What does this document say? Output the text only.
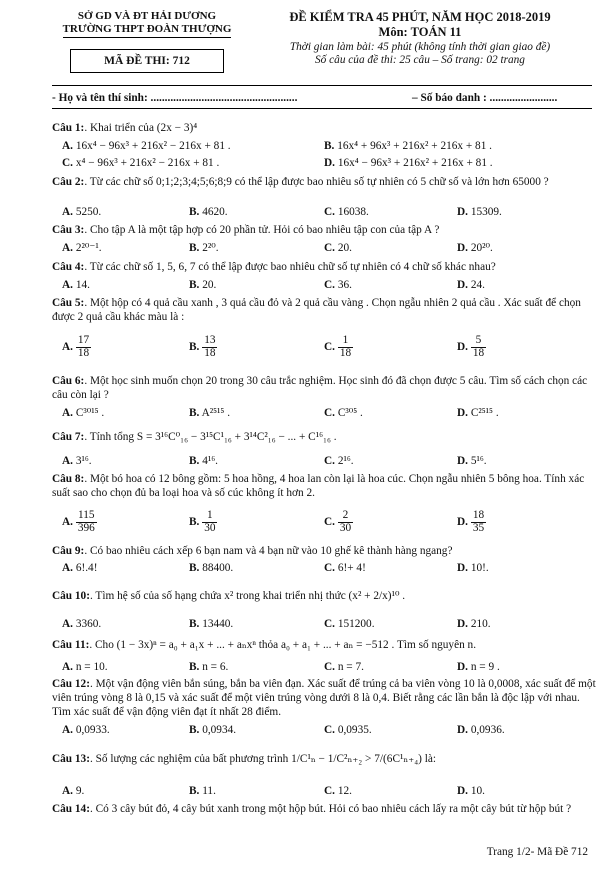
SỞ GD VÀ ĐT HẢI DƯƠNG
TRƯỜNG THPT ĐOÀN THƯỢNG
MÃ ĐỀ THI: 712
ĐỀ KIỂM TRA 45 PHÚT, NĂM HỌC 2018-2019
Môn: TOÁN 11
Thời gian làm bài: 45 phút (không tính thời gian giao đề)
Số câu của đề thi: 25 câu – Số trang: 02 trang
- Họ và tên thí sinh: ....................................................	– Số báo danh : ........................
Câu 1:. Khai triển của (2x − 3)⁴
A. 16x⁴ − 96x³ + 216x² − 216x + 81 .	B. 16x⁴ + 96x³ + 216x² + 216x + 81 .
C. x⁴ − 96x³ + 216x² − 216x + 81 .	D. 16x⁴ − 96x³ + 216x² + 216x + 81 .
Câu 2:. Từ các chữ số 0;1;2;3;4;5;6;8;9 có thể lập được bao nhiêu số tự nhiên có 5 chữ số và lớn hơn 65000 ?
A. 5250.	B. 4620.	C. 16038.	D. 15309.
Câu 3:. Cho tập A là một tập hợp có 20 phần tử. Hỏi có bao nhiêu tập con của tập A ?
A. 2²⁰⁻¹.	B. 2²⁰.	C. 20.	D. 20²⁰.
Câu 4:. Từ các chữ số 1, 5, 6, 7 có thể lập được bao nhiêu chữ số tự nhiên có 4 chữ số khác nhau?
A. 14.	B. 20.	C. 36.	D. 24.
Câu 5:. Một hộp có 4 quả cầu xanh , 3 quả cầu đỏ và 2 quả cầu vàng . Chọn ngẫu nhiên 2 quả cầu . Xác suất để chọn được 2 quả cầu khác màu là :
A. $\frac{17}{18}$	B. $\frac{13}{18}$	C. $\frac{1}{18}$	D. $\frac{5}{18}$
Câu 6:. Một học sinh muốn chọn 20 trong 30 câu trắc nghiệm. Học sinh đó đã chọn được 5 câu. Tìm số cách chọn các câu còn lại ?
A. C³⁰¹⁵ .	B. A²⁵¹⁵ .	C. C³⁰⁵ .	D. C²⁵¹⁵ .
Câu 7:. Tính tổng S = 3¹⁶C⁰₁₆ − 3¹⁵C¹₁₆ + 3¹⁴C²₁₆ − ... + C¹⁶₁₆ .
A. 3¹⁶.	B. 4¹⁶.	C. 2¹⁶.	D. 5¹⁶.
Câu 8:. Một bó hoa có 12 bông gồm: 5 hoa hồng, 4 hoa lan còn lại là hoa cúc. Chọn ngẫu nhiên 5 bông hoa. Tính xác suất sao cho chọn đủ ba loại hoa và số cúc không ít hơn 2.
A. $\frac{115}{396}$	B. $\frac{1}{30}$	C. $\frac{2}{30}$	D. $\frac{18}{35}$
Câu 9:. Có bao nhiêu cách xếp 6 bạn nam và 4 bạn nữ vào 10 ghế kê thành hàng ngang?
A. 6!.4!	B. 88400.	C. 6!+ 4!	D. 10!.
Câu 10:. Tìm hệ số của số hạng chứa x² trong khai triển nhị thức (x² + 2/x)¹⁰ .
A. 3360.	B. 13440.	C. 151200.	D. 210.
Câu 11:. Cho (1 − 3x)ⁿ = a₀ + a₁x + ... + aₙxⁿ thỏa a₀ + a₁ + ... + aₙ = −512 . Tìm số nguyên n.
A. n = 10.	B. n = 6.	C. n = 7.	D. n = 9 .
Câu 12:. Một vận động viên bắn súng, bắn ba viên đạn. Xác suất để trúng cả ba viên vòng 10 là 0,0008, xác suất để một viên trúng vòng 8 là 0,15 và xác suất để một viên trúng vòng dưới 8 là 0,4. Biết rằng các lần bắn là độc lập với nhau. Tìm xác suất để vận động viên đạt ít nhất 28 điểm.
A. 0,0933.	B. 0,0934.	C. 0,0935.	D. 0,0936.
Câu 13:. Số lượng các nghiệm của bất phương trình 1/C¹ₙ − 1/C²ₙ₊₂ > 7/(6C¹ₙ₊₄) là:
A. 9.	B. 11.	C. 12.	D. 10.
Câu 14:. Có 3 cây bút đỏ, 4 cây bút xanh trong một hộp bút. Hỏi có bao nhiêu cách lấy ra một cây bút từ hộp bút ?
Trang 1/2- Mã Đề 712
